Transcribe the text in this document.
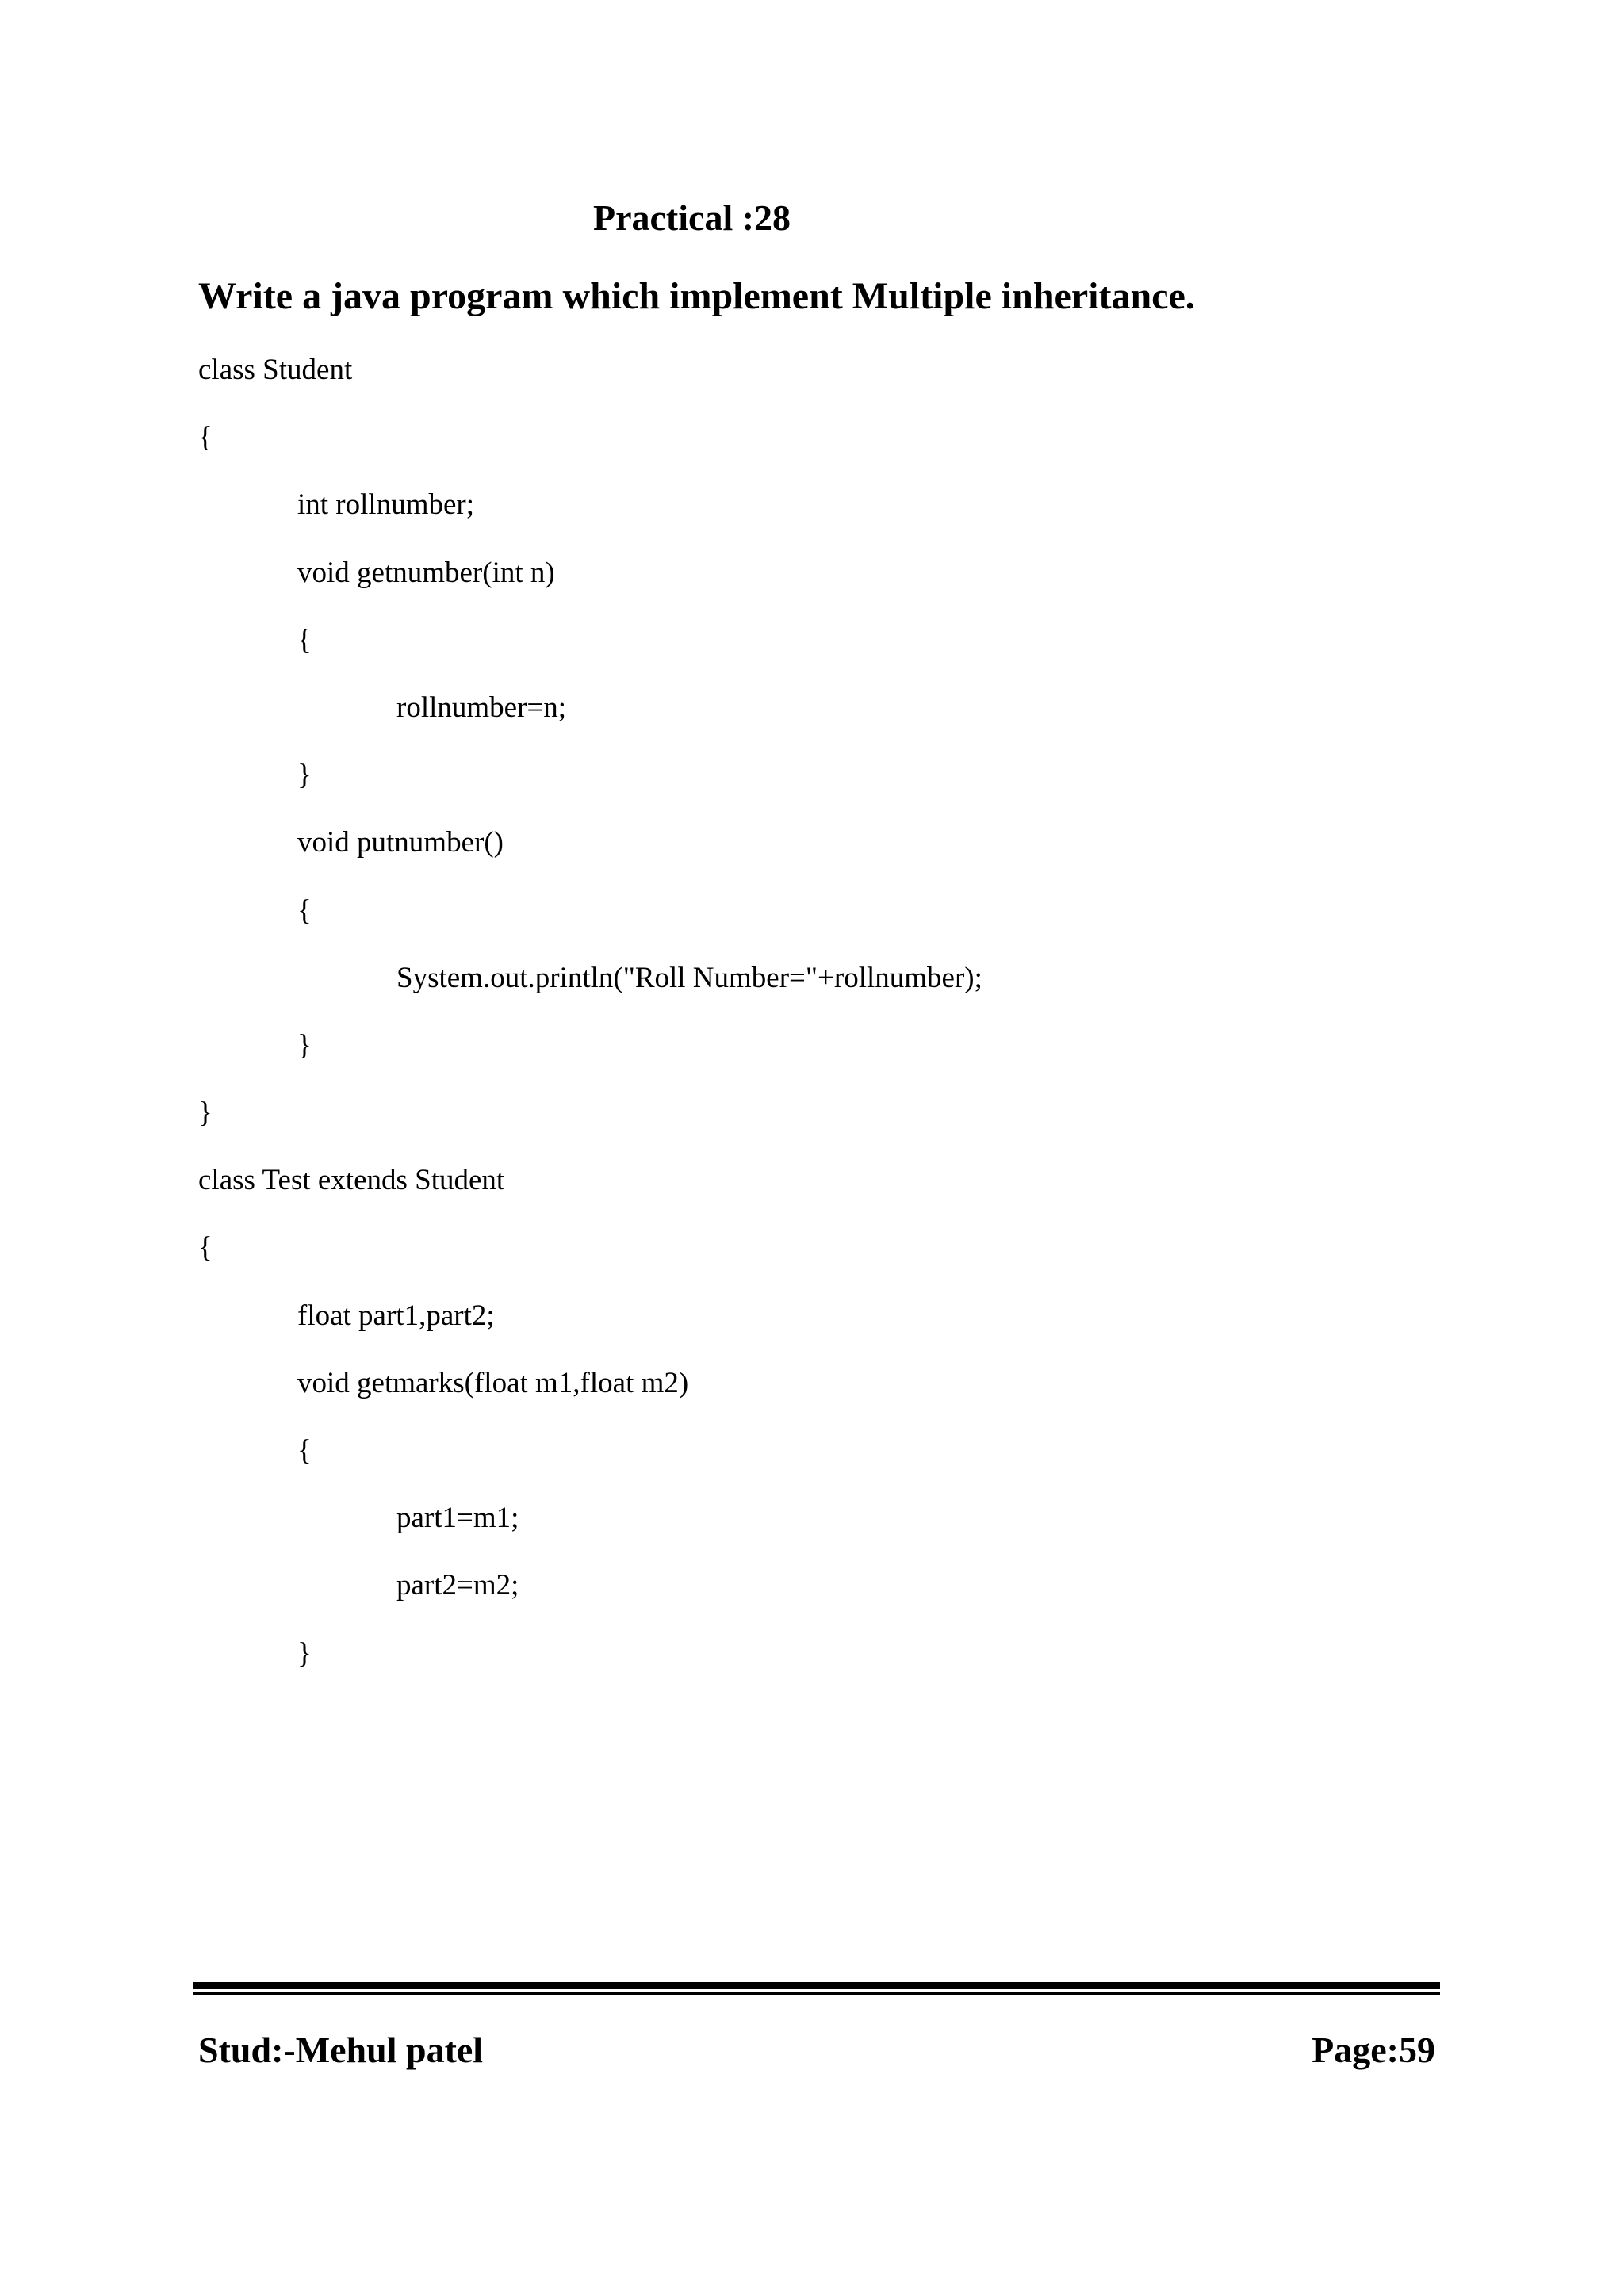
Practical :28
Write a java program which implement Multiple inheritance.
class Student
{
int rollnumber;
void getnumber(int n)
{
rollnumber=n;
}
void putnumber()
{
System.out.println("Roll Number="+rollnumber);
}
}
class Test extends Student
{
float part1,part2;
void getmarks(float m1,float m2)
{
part1=m1;
part2=m2;
}
Stud:-Mehul patel	Page:59
